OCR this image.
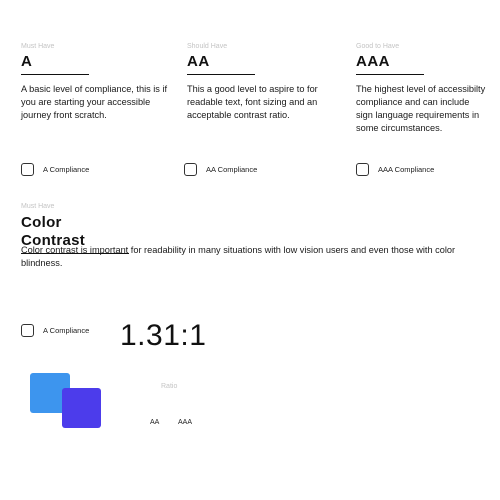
Must Have
A
A basic level of compliance, this is if you are starting your accessible journey front scratch.
Should Have
AA
This a good level to aspire to for readable text, font sizing and an acceptable contrast ratio.
Good to Have
AAA
The highest level of accessibilty compliance and can include sign language requirements in some circumstances.
A Compliance	AA Compliance	AAA Compliance
Must Have
Color Contrast
Color contrast is important for readability in many situations with low vision users and even those with color blindness.
A Compliance 1.31:1
Ratio
AA	AAA
